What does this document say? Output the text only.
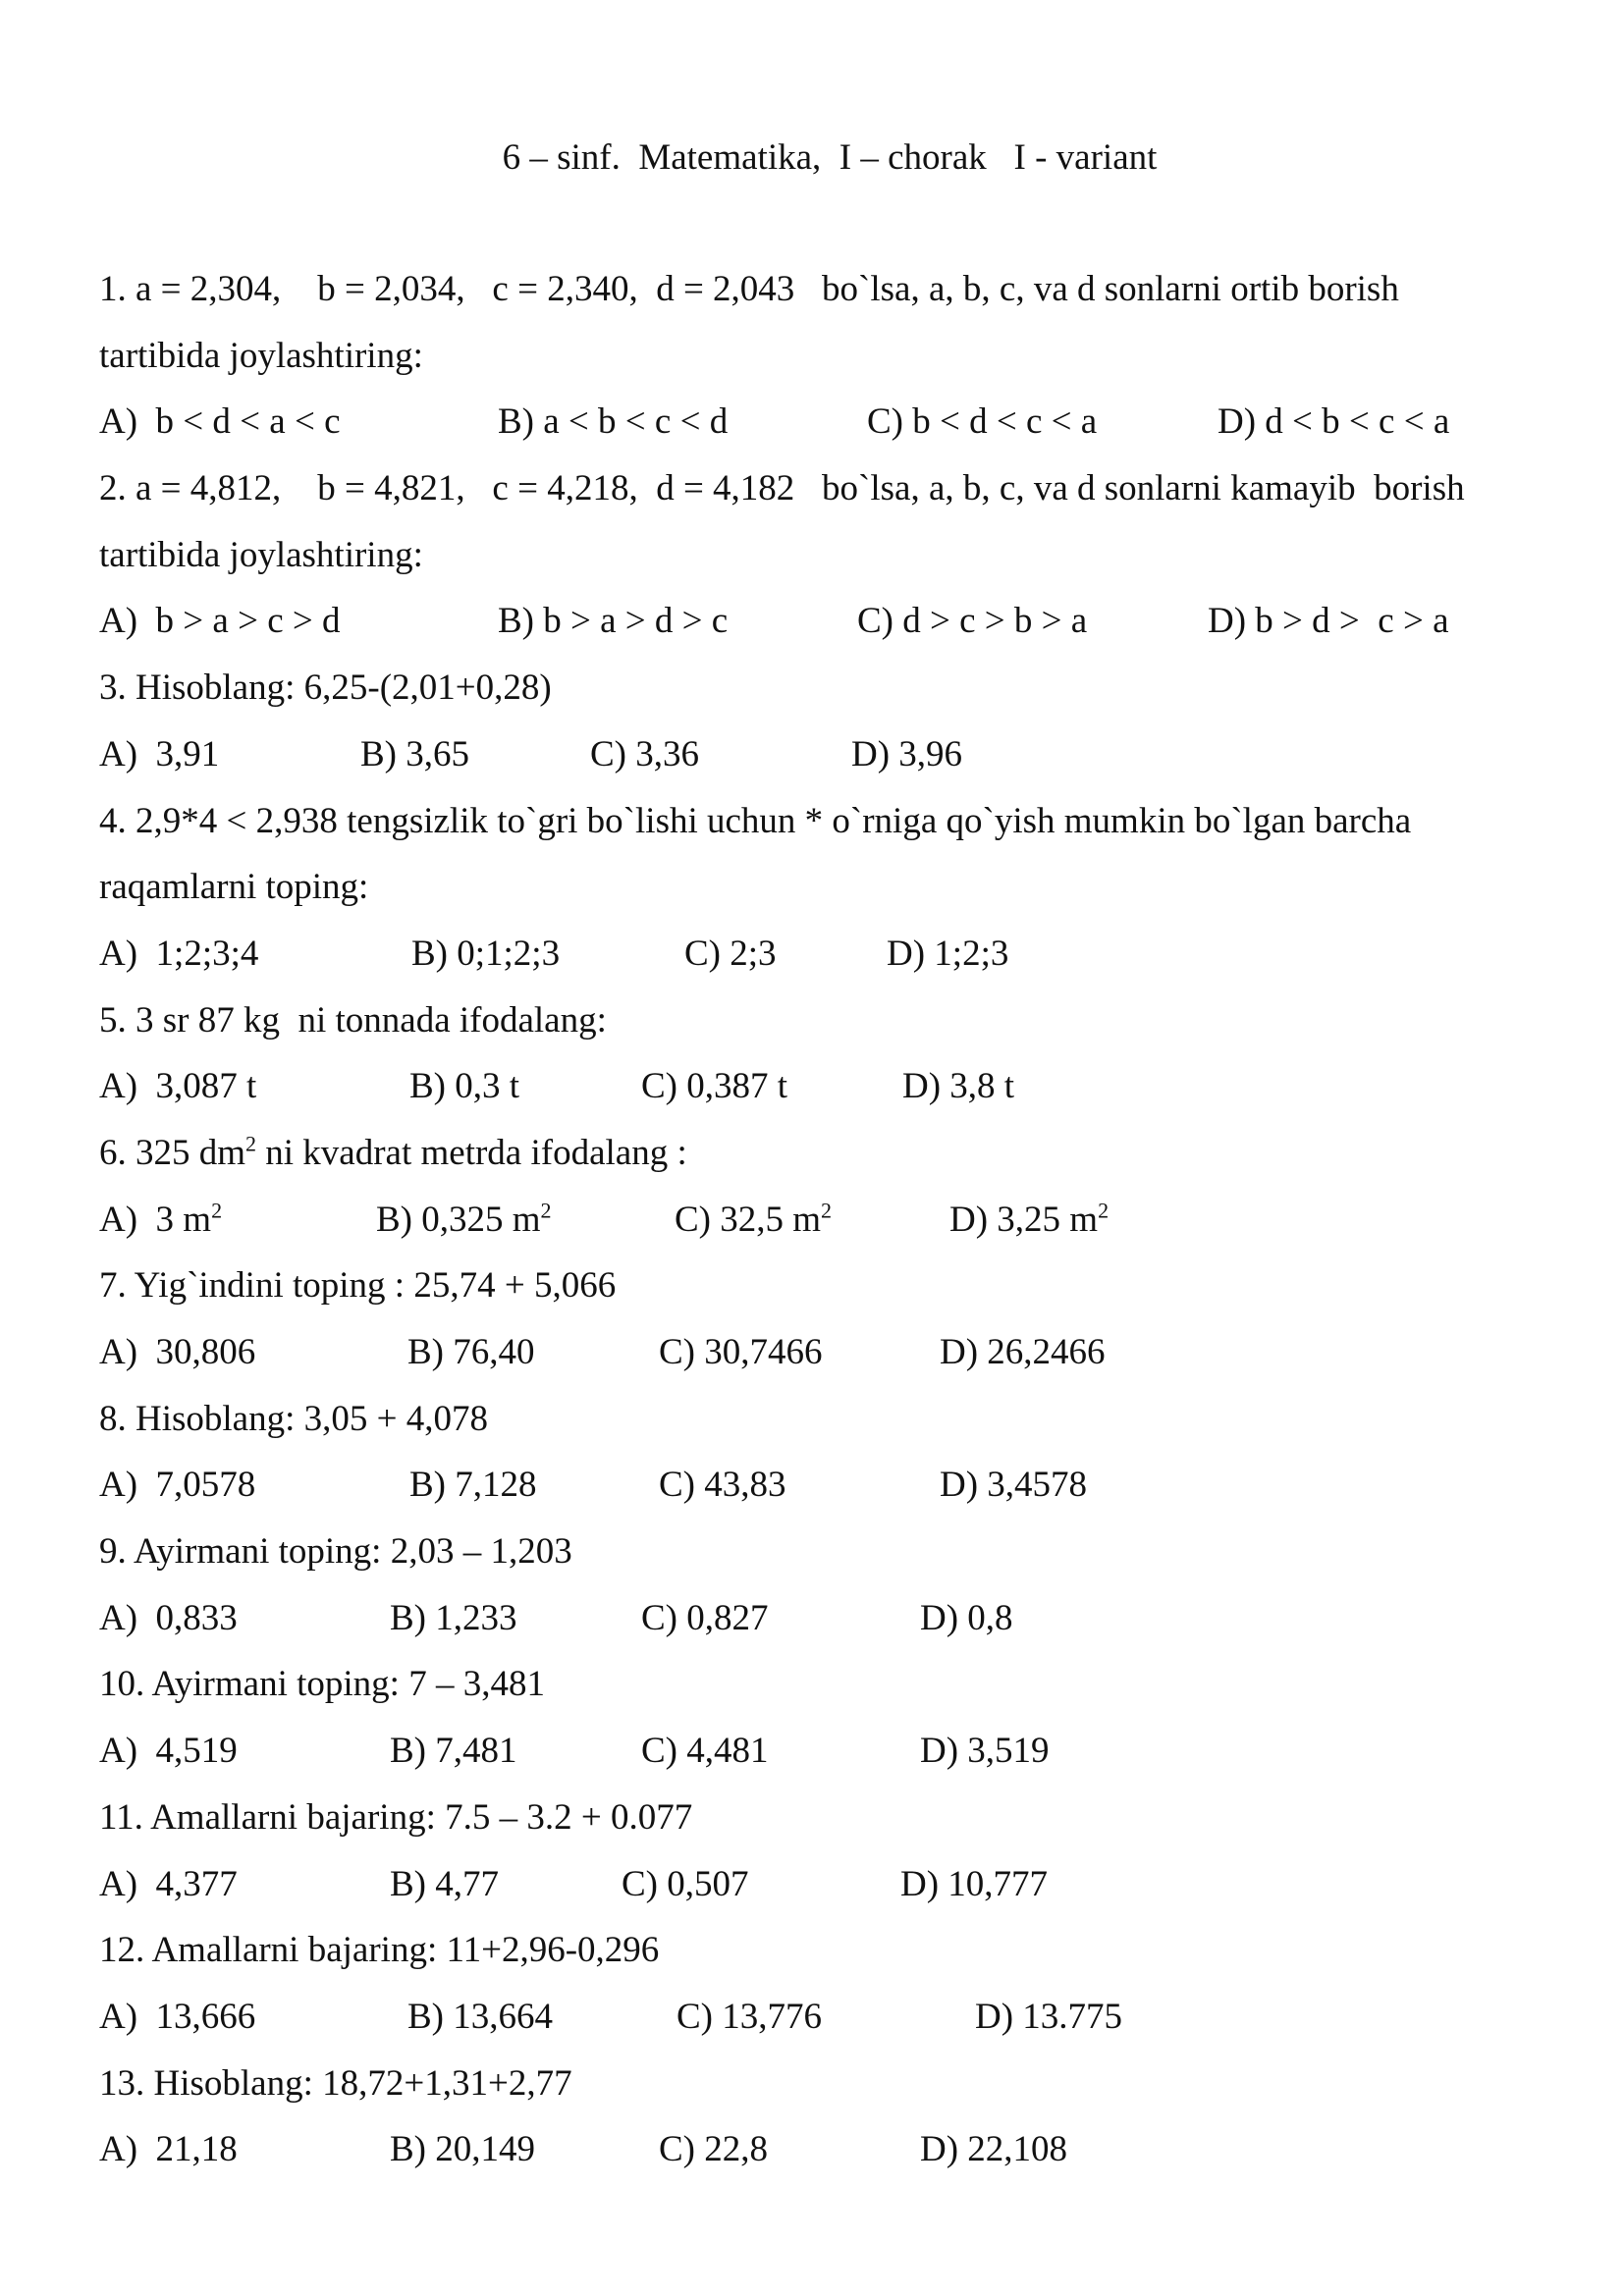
6 – sinf.  Matematika,  I – chorak   I - variant
1. a = 2,304,    b = 2,034,   c = 2,340,  d = 2,043   bo`lsa, a, b, c, va d sonlarni ortib borish
tartibida joylashtiring:
A)  b < d < a < c	B) a < b < c < d	C) b < d < c < a	D) d < b < c < a
2. a = 4,812,    b = 4,821,   c = 4,218,  d = 4,182   bo`lsa, a, b, c, va d sonlarni kamayib  borish
tartibida joylashtiring:
A)  b > a > c > d	B) b > a > d > c	C) d > c > b > a	D) b > d >  c > a
3. Hisoblang: 6,25-(2,01+0,28)
A)  3,91	B) 3,65	C) 3,36	D) 3,96
4. 2,9*4 < 2,938 tengsizlik to`gri bo`lishi uchun * o`rniga qo`yish mumkin bo`lgan barcha
raqamlarni toping:
A)  1;2;3;4	B) 0;1;2;3	C) 2;3	D) 1;2;3
5. 3 sr 87 kg  ni tonnada ifodalang:
A)  3,087 t	B) 0,3 t	C) 0,387 t	D) 3,8 t
6. 325 $dm^2$ ni kvadrat metrda ifodalang :
A)  3 $m^2$	B) 0,325 $m^2$	C) 32,5 $m^2$	D) 3,25 $m^2$
7. Yig`indini toping : 25,74 + 5,066
A)  30,806	B) 76,40	C) 30,7466	D) 26,2466
8. Hisoblang: 3,05 + 4,078
A)  7,0578	B) 7,128	C) 43,83	D) 3,4578
9. Ayirmani toping: 2,03 – 1,203
A)  0,833	B) 1,233	C) 0,827	D) 0,8
10. Ayirmani toping: 7 – 3,481
A)  4,519	B) 7,481	C) 4,481	D) 3,519
11. Amallarni bajaring: 7.5 – 3.2 + 0.077
A)  4,377	B) 4,77	C) 0,507	D) 10,777
12. Amallarni bajaring: 11+2,96-0,296
A)  13,666	B) 13,664	C) 13,776	D) 13.775
13. Hisoblang: 18,72+1,31+2,77
A)  21,18	B) 20,149	C) 22,8	D) 22,108
